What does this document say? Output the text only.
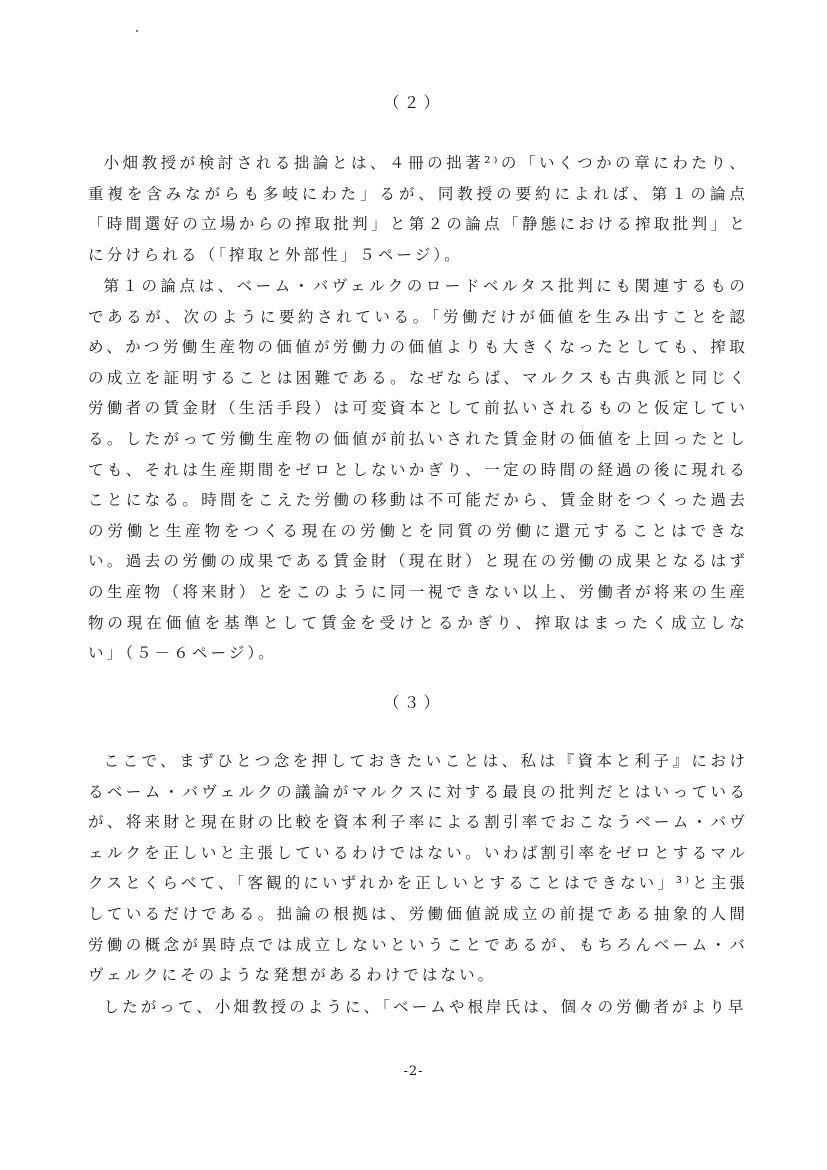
（２）

小畑教授が検討される拙論とは、４冊の拙著²⁾の「いくつかの章にわたり、重複を含みながらも多岐にわた」るが、同教授の要約によれば、第１の論点「時間選好の立場からの搾取批判」と第２の論点「静態における搾取批判」とに分けられる（「搾取と外部性」５ページ）。

第１の論点は、ベーム・バヴェルクのロードベルタス批判にも関連するものであるが、次のように要約されている。「労働だけが価値を生み出すことを認め、かつ労働生産物の価値が労働力の価値よりも大きくなったとしても、搾取の成立を証明することは困難である。なぜならば、マルクスも古典派と同じく労働者の賃金財（生活手段）は可変資本として前払いされるものと仮定している。したがって労働生産物の価値が前払いされた賃金財の価値を上回ったとしても、それは生産期間をゼロとしないかぎり、一定の時間の経過の後に現れることになる。時間をこえた労働の移動は不可能だから、賃金財をつくった過去の労働と生産物をつくる現在の労働とを同質の労働に還元することはできない。過去の労働の成果である賃金財（現在財）と現在の労働の成果となるはずの生産物（将来財）とをこのように同一視できない以上、労働者が将来の生産物の現在価値を基準として賃金を受けとるかぎり、搾取はまったく成立しない」（５－６ページ）。

（３）

ここで、まずひとつ念を押しておきたいことは、私は『資本と利子』におけるベーム・バヴェルクの議論がマルクスに対する最良の批判だとはいっているが、将来財と現在財の比較を資本利子率による割引率でおこなうベーム・バヴェルクを正しいと主張しているわけではない。いわば割引率をゼロとするマルクスとくらべて、「客観的にいずれかを正しいとすることはできない」³⁾と主張しているだけである。拙論の根拠は、労働価値説成立の前提である抽象的人間労働の概念が異時点では成立しないということであるが、もちろんベーム・バヴェルクにそのような発想があるわけではない。

したがって、小畑教授のように、「ベームや根岸氏は、個々の労働者がより早

-2-
